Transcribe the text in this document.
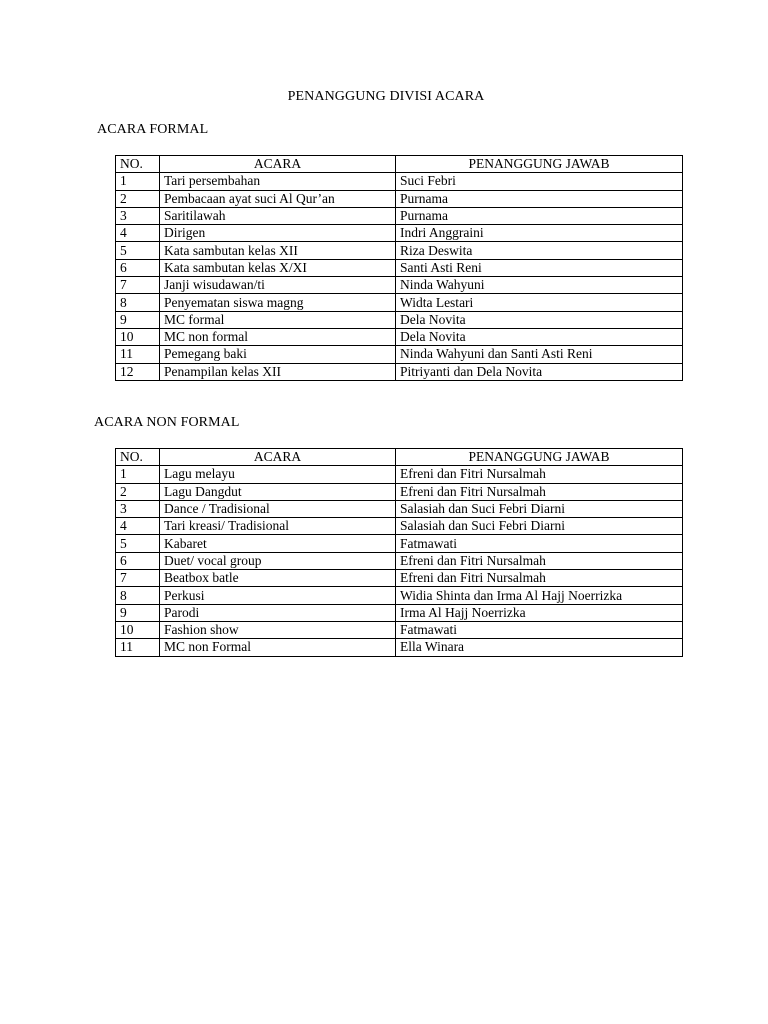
PENANGGUNG DIVISI ACARA
ACARA FORMAL
NO.	ACARA	PENANGGUNG JAWAB
1	Tari persembahan	Suci Febri
2	Pembacaan ayat suci Al Qur’an	Purnama
3	Saritilawah	Purnama
4	Dirigen	Indri Anggraini
5	Kata sambutan kelas XII	Riza Deswita
6	Kata sambutan kelas X/XI	Santi Asti Reni
7	Janji wisudawan/ti	Ninda Wahyuni
8	Penyematan siswa magng	Widta Lestari
9	MC formal	Dela Novita
10	MC non formal	Dela Novita
11	Pemegang baki	Ninda Wahyuni dan Santi Asti Reni
12	Penampilan kelas XII	Pitriyanti dan Dela Novita
ACARA NON FORMAL
NO.	ACARA	PENANGGUNG JAWAB
1	Lagu melayu	Efreni dan Fitri Nursalmah
2	Lagu Dangdut	Efreni dan Fitri Nursalmah
3	Dance / Tradisional	Salasiah dan Suci Febri Diarni
4	Tari kreasi/ Tradisional	Salasiah dan Suci Febri Diarni
5	Kabaret	Fatmawati
6	Duet/ vocal group	Efreni dan Fitri Nursalmah
7	Beatbox batle	Efreni dan Fitri Nursalmah
8	Perkusi	Widia Shinta dan Irma Al Hajj Noerrizka
9	Parodi	Irma Al Hajj Noerrizka
10	Fashion show	Fatmawati
11	MC non Formal	Ella Winara
